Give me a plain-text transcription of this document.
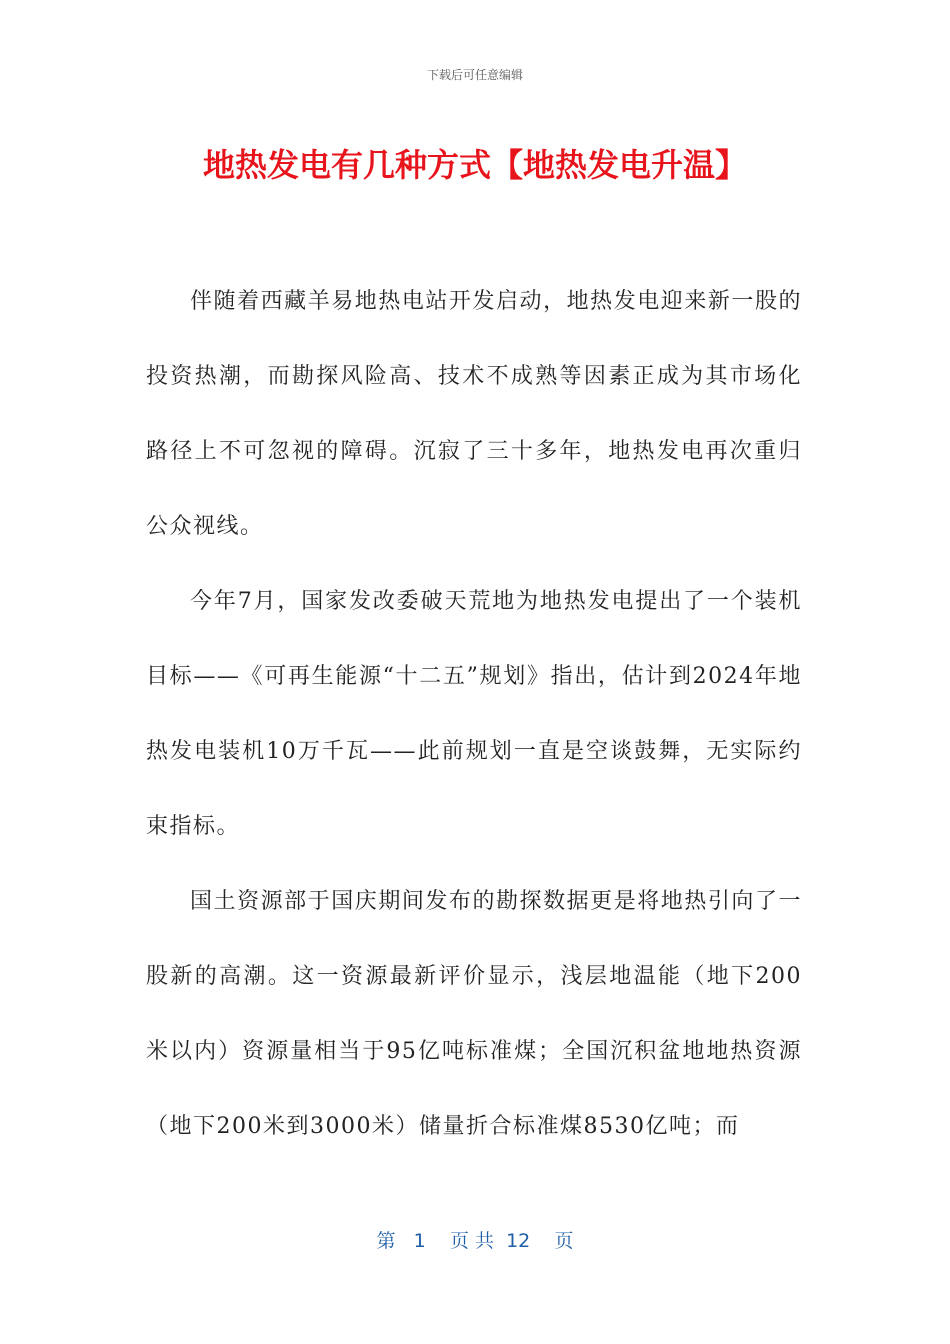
下载后可任意编辑
地热发电有几种方式【地热发电升温】

伴随着西藏羊易地热电站开发启动，地热发电迎来新一股的投资热潮，而勘探风险高、技术不成熟等因素正成为其市场化路径上不可忽视的障碍。沉寂了三十多年，地热发电再次重归公众视线。

今年7月，国家发改委破天荒地为地热发电提出了一个装机目标——《可再生能源“十二五”规划》指出，估计到2024年地热发电装机10万千瓦——此前规划一直是空谈鼓舞，无实际约束指标。

国土资源部于国庆期间发布的勘探数据更是将地热引向了一股新的高潮。这一资源最新评价显示，浅层地温能（地下200米以内）资源量相当于95亿吨标准煤；全国沉积盆地地热资源（地下200米到3000米）储量折合标准煤8530亿吨；而

第 1 页 共 12 页
